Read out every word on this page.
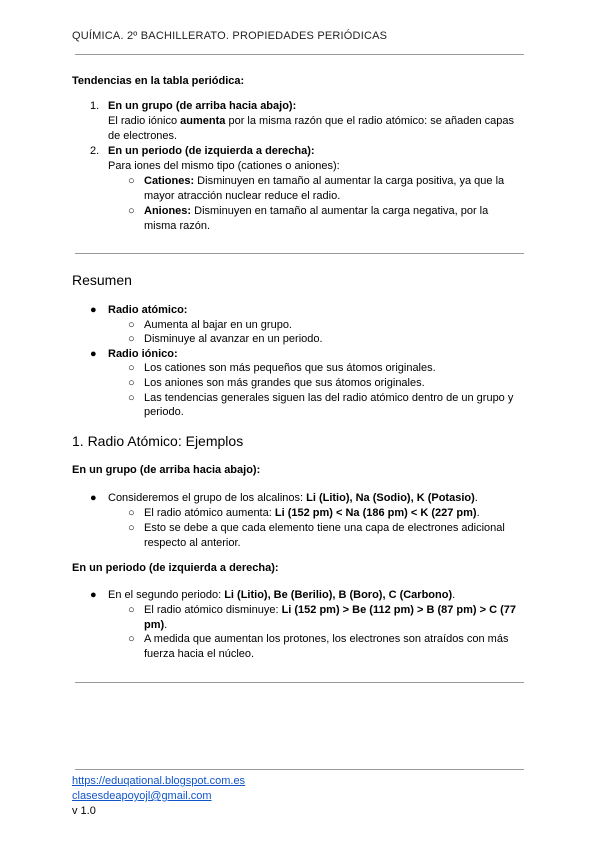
QUÍMICA. 2º BACHILLERATO. PROPIEDADES PERIÓDICAS
Tendencias en la tabla periódica:
1. En un grupo (de arriba hacia abajo):
El radio iónico aumenta por la misma razón que el radio atómico: se añaden capas
de electrones.
2. En un periodo (de izquierda a derecha):
Para iones del mismo tipo (cationes o aniones):
○ Cationes: Disminuyen en tamaño al aumentar la carga positiva, ya que la
mayor atracción nuclear reduce el radio.
○ Aniones: Disminuyen en tamaño al aumentar la carga negativa, por la
misma razón.
Resumen
● Radio atómico:
○ Aumenta al bajar en un grupo.
○ Disminuye al avanzar en un periodo.
● Radio iónico:
○ Los cationes son más pequeños que sus átomos originales.
○ Los aniones son más grandes que sus átomos originales.
○ Las tendencias generales siguen las del radio atómico dentro de un grupo y
periodo.
1. Radio Atómico: Ejemplos
En un grupo (de arriba hacia abajo):
● Consideremos el grupo de los alcalinos: Li (Litio), Na (Sodio), K (Potasio).
○ El radio atómico aumenta: Li (152 pm) < Na (186 pm) < K (227 pm).
○ Esto se debe a que cada elemento tiene una capa de electrones adicional
respecto al anterior.
En un periodo (de izquierda a derecha):
● En el segundo periodo: Li (Litio), Be (Berilio), B (Boro), C (Carbono).
○ El radio atómico disminuye: Li (152 pm) > Be (112 pm) > B (87 pm) > C (77
pm).
○ A medida que aumentan los protones, los electrones son atraídos con más
fuerza hacia el núcleo.
https://eduqational.blogspot.com.es
clasesdeapoyojl@gmail.com
v 1.0
